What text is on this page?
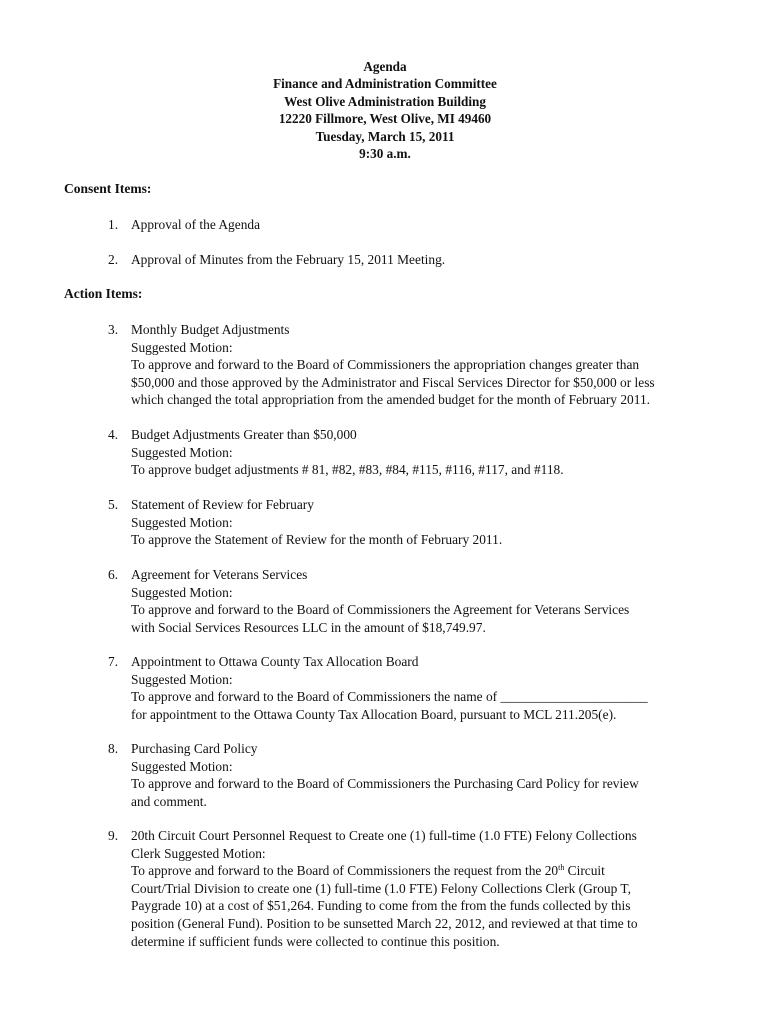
Agenda
Finance and Administration Committee
West Olive Administration Building
12220 Fillmore, West Olive, MI 49460
Tuesday, March 15, 2011
9:30 a.m.
Consent Items:
1. Approval of the Agenda
2. Approval of Minutes from the February 15, 2011 Meeting.
Action Items:
3. Monthly Budget Adjustments
Suggested Motion:
To approve and forward to the Board of Commissioners the appropriation changes greater than
$50,000 and those approved by the Administrator and Fiscal Services Director for $50,000 or less
which changed the total appropriation from the amended budget for the month of February 2011.
4. Budget Adjustments Greater than $50,000
Suggested Motion:
To approve budget adjustments # 81, #82, #83, #84, #115, #116, #117, and #118.
5. Statement of Review for February
Suggested Motion:
To approve the Statement of Review for the month of February 2011.
6. Agreement for Veterans Services
Suggested Motion:
To approve and forward to the Board of Commissioners the Agreement for Veterans Services
with Social Services Resources LLC in the amount of $18,749.97.
7. Appointment to Ottawa County Tax Allocation Board
Suggested Motion:
To approve and forward to the Board of Commissioners the name of ______________________
for appointment to the Ottawa County Tax Allocation Board, pursuant to MCL 211.205(e).
8. Purchasing Card Policy
Suggested Motion:
To approve and forward to the Board of Commissioners the Purchasing Card Policy for review
and comment.
9. 20th Circuit Court Personnel Request to Create one (1) full-time (1.0 FTE) Felony Collections
Clerk Suggested Motion:
To approve and forward to the Board of Commissioners the request from the 20th Circuit
Court/Trial Division to create one (1) full-time (1.0 FTE) Felony Collections Clerk (Group T,
Paygrade 10) at a cost of $51,264. Funding to come from the from the funds collected by this
position (General Fund). Position to be sunsetted March 22, 2012, and reviewed at that time to
determine if sufficient funds were collected to continue this position.
